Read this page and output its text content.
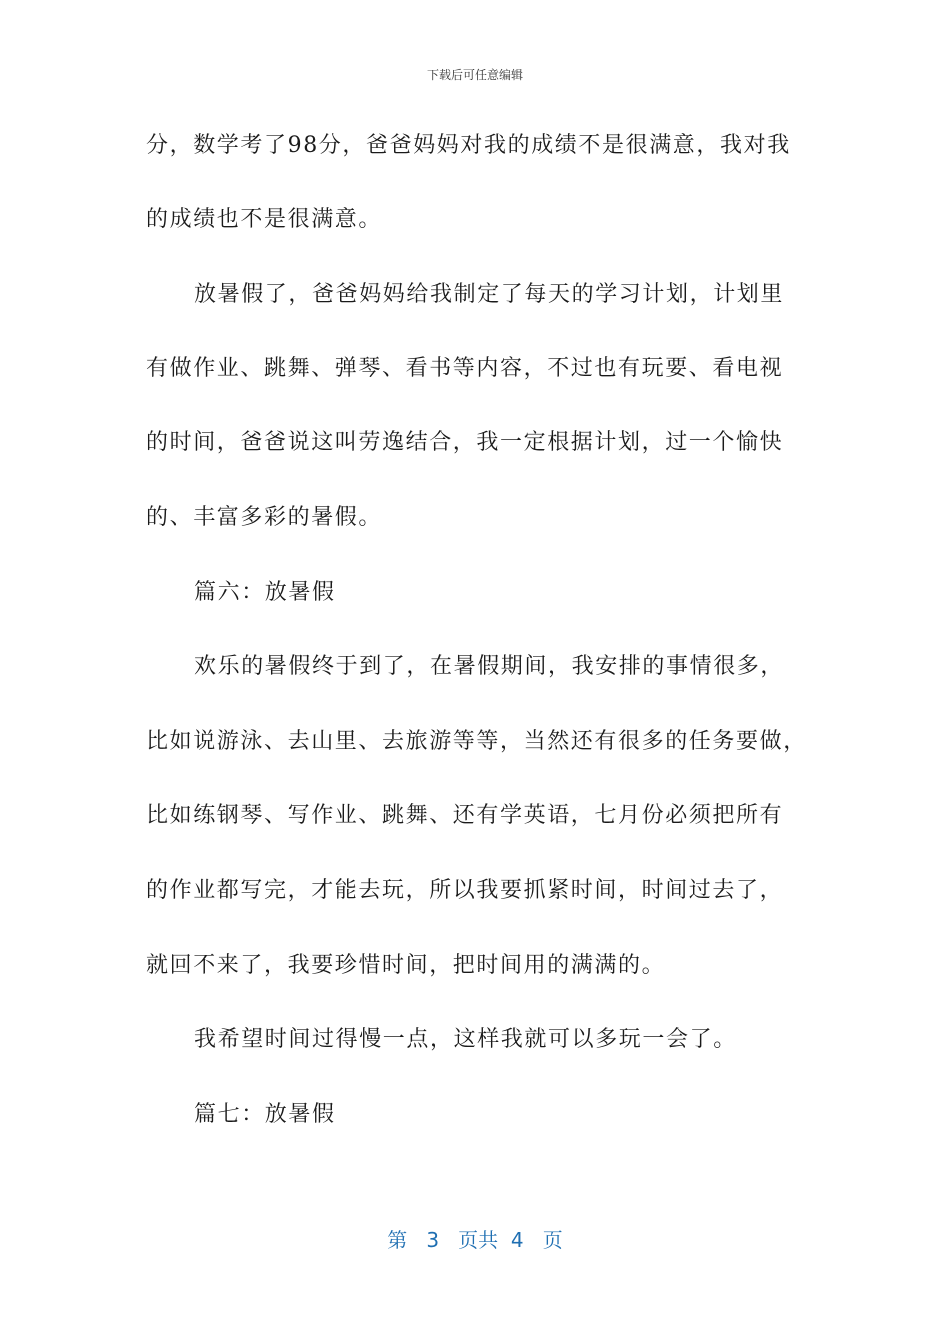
下载后可任意编辑
分，数学考了98分，爸爸妈妈对我的成绩不是很满意，我对我
的成绩也不是很满意。
放暑假了，爸爸妈妈给我制定了每天的学习计划，计划里
有做作业、跳舞、弹琴、看书等内容，不过也有玩要、看电视
的时间，爸爸说这叫劳逸结合，我一定根据计划，过一个愉快
的、丰富多彩的暑假。
篇六：放暑假
欢乐的暑假终于到了，在暑假期间，我安排的事情很多，
比如说游泳、去山里、去旅游等等，当然还有很多的任务要做，
比如练钢琴、写作业、跳舞、还有学英语，七月份必须把所有
的作业都写完，才能去玩，所以我要抓紧时间，时间过去了，
就回不来了，我要珍惜时间，把时间用的满满的。
我希望时间过得慢一点，这样我就可以多玩一会了。
篇七：放暑假
第 3 页共 4 页
